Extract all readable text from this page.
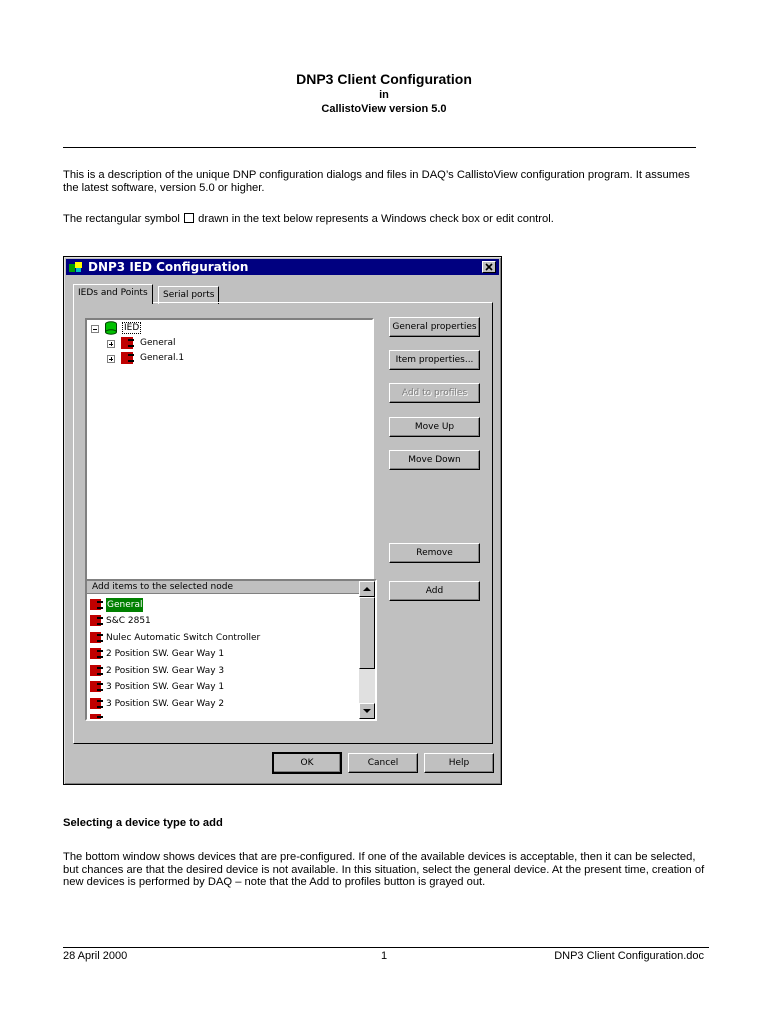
DNP3 Client Configuration
in
CallistoView version 5.0
This is a description of the unique DNP configuration dialogs and files in DAQ’s CallistoView configuration program. It assumes the latest software, version 5.0 or higher.
The rectangular symbol drawn in the text below represents a Windows check box or edit control.
DNP3 IED Configuration
IEDs and Points	Serial ports
IED
General
General.1
General properties
Item properties...
Add to profiles
Move Up
Move Down
Remove
Add
Add items to the selected node
General
S&C 2851
Nulec Automatic Switch Controller
2 Position SW. Gear Way 1
2 Position SW. Gear Way 3
3 Position SW. Gear Way 1
3 Position SW. Gear Way 2
OK	Cancel	Help
Selecting a device type to add
The bottom window shows devices that are pre-configured. If one of the available devices is acceptable, then it can be selected, but chances are that the desired device is not available. In this situation, select the general device. At the present time, creation of new devices is performed by DAQ – note that the Add to profiles button is grayed out.
28 April 2000	1	DNP3 Client Configuration.doc
